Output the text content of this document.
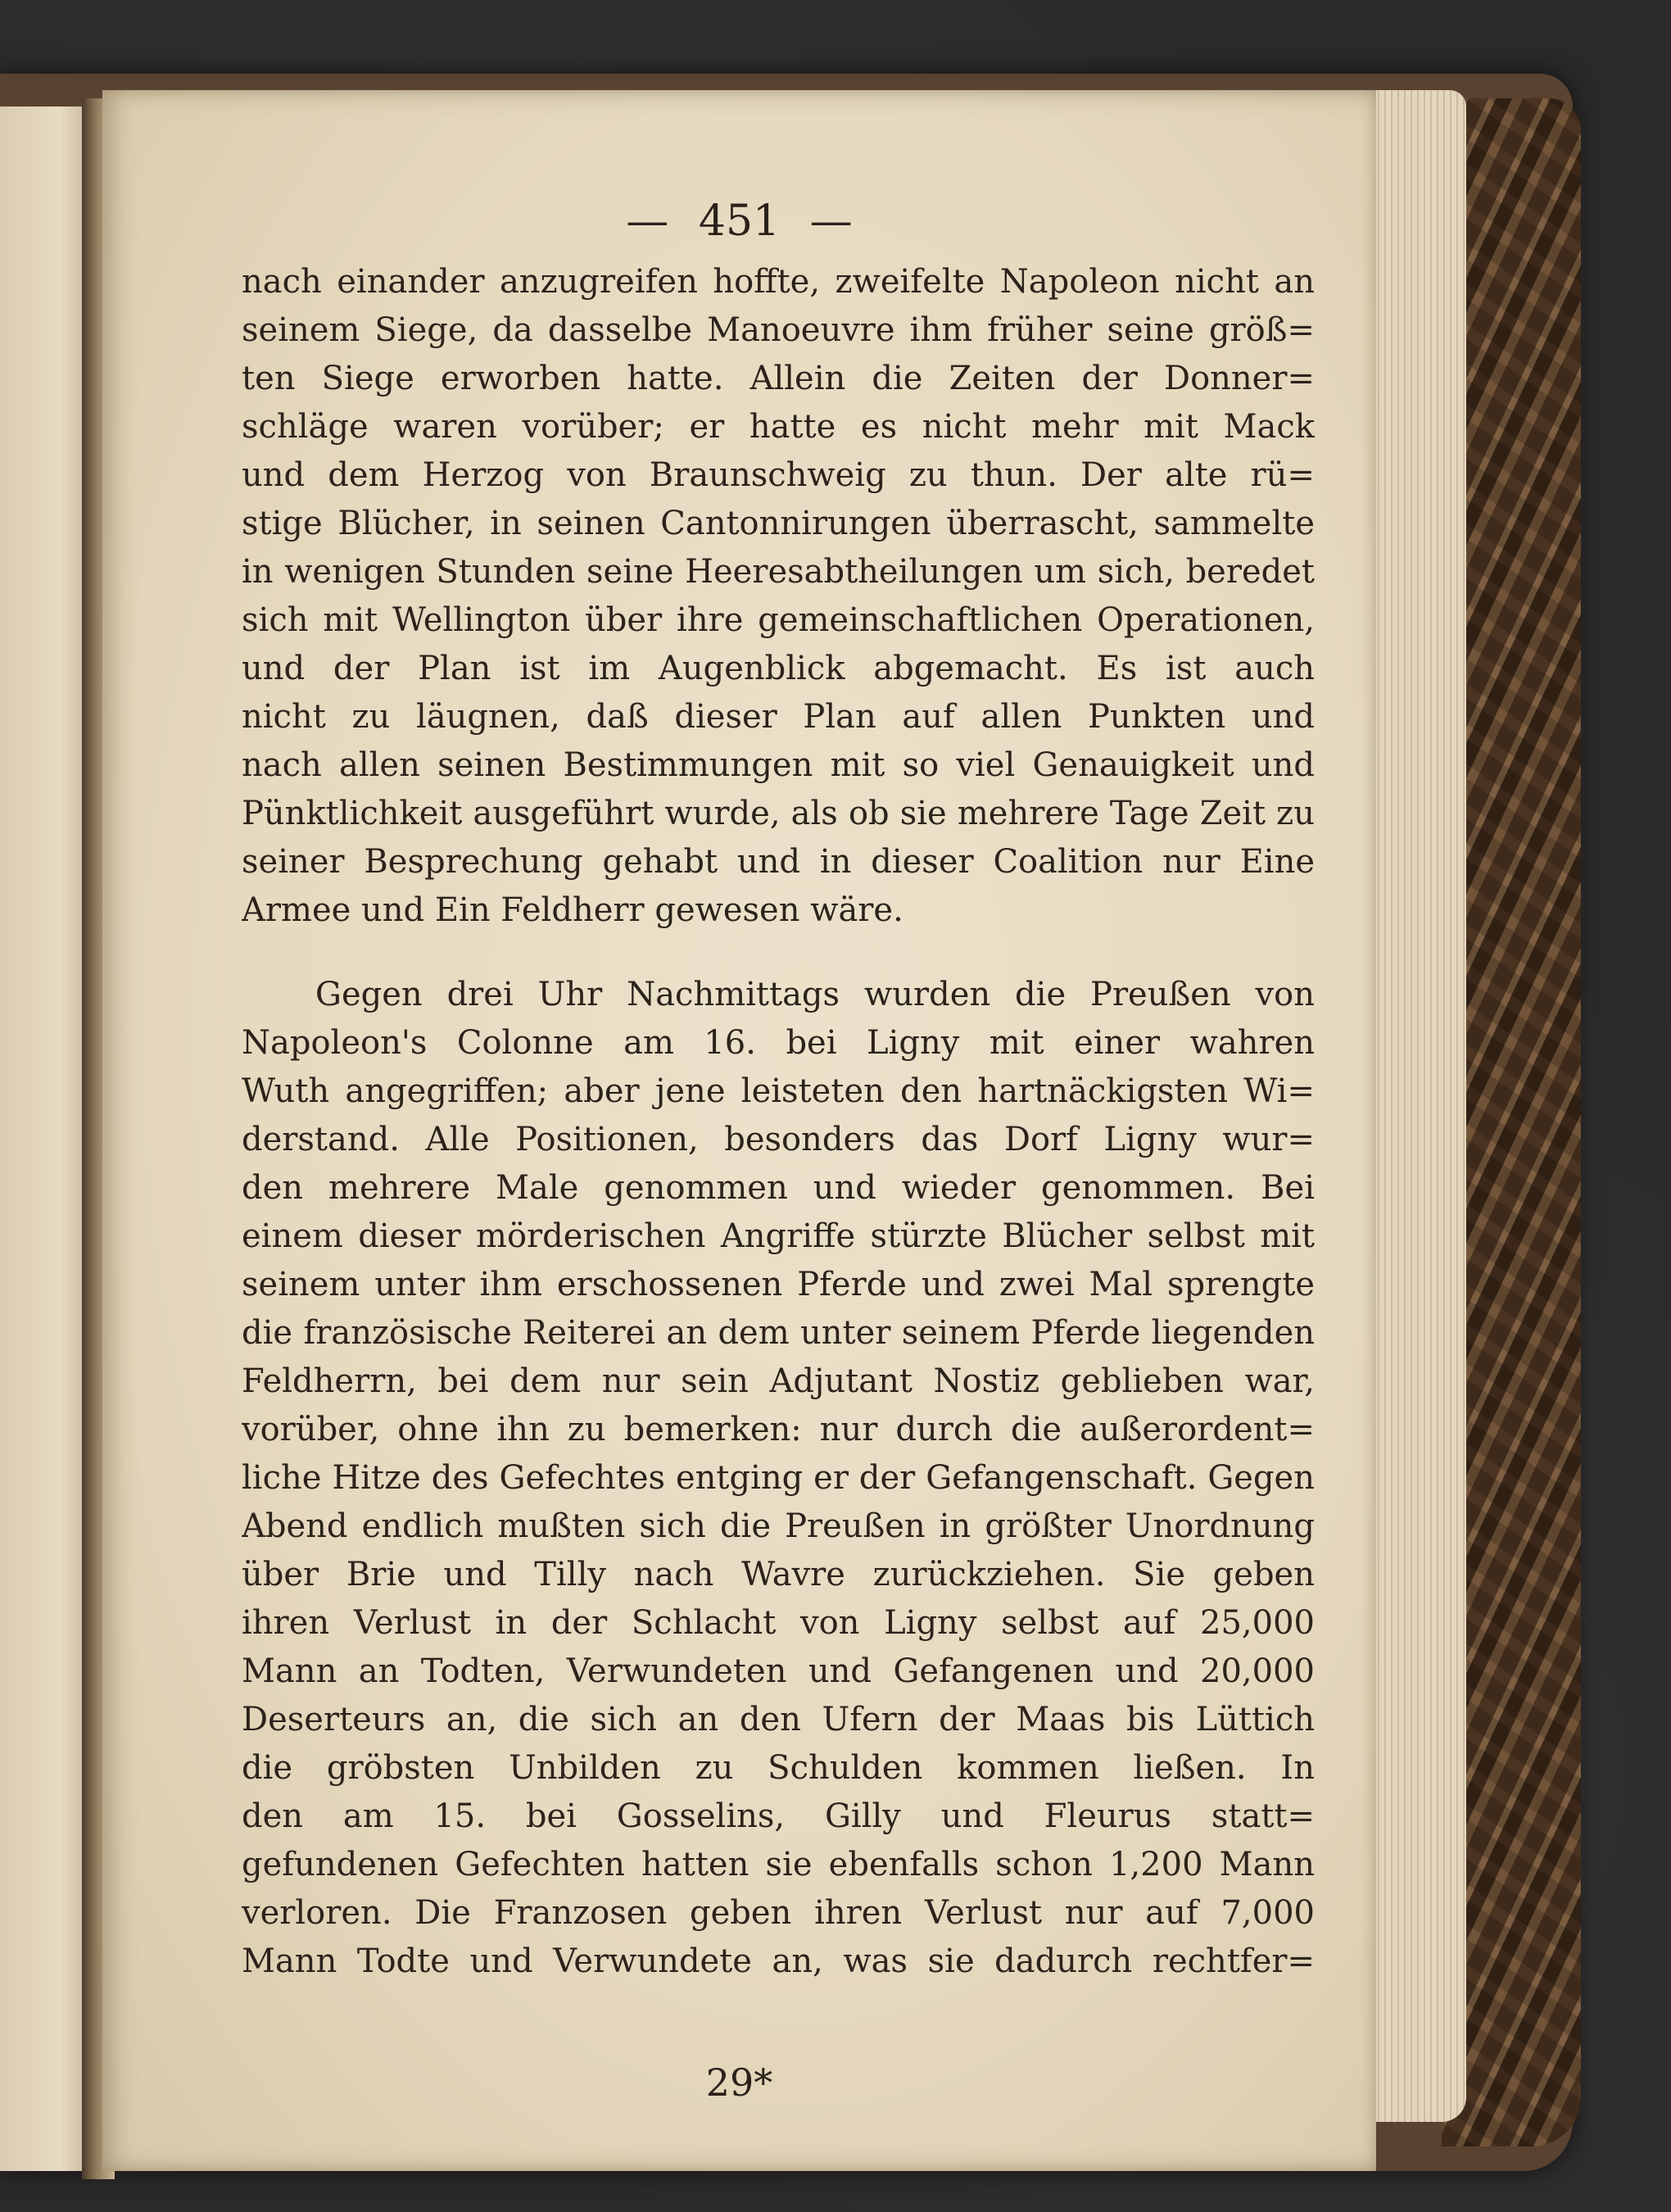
— 451 —
nach einander anzugreifen hoffte, zweifelte Napoleon nicht an
seinem Siege, da dasselbe Manoeuvre ihm früher seine größ=
ten Siege erworben hatte. Allein die Zeiten der Donner=
schläge waren vorüber; er hatte es nicht mehr mit Mack
und dem Herzog von Braunschweig zu thun. Der alte rü=
stige Blücher, in seinen Cantonnirungen überrascht, sammelte
in wenigen Stunden seine Heeresabtheilungen um sich, beredet
sich mit Wellington über ihre gemeinschaftlichen Operationen,
und der Plan ist im Augenblick abgemacht. Es ist auch
nicht zu läugnen, daß dieser Plan auf allen Punkten und
nach allen seinen Bestimmungen mit so viel Genauigkeit und
Pünktlichkeit ausgeführt wurde, als ob sie mehrere Tage Zeit zu
seiner Besprechung gehabt und in dieser Coalition nur Eine
Armee und Ein Feldherr gewesen wäre.
Gegen drei Uhr Nachmittags wurden die Preußen von
Napoleon's Colonne am 16. bei Ligny mit einer wahren
Wuth angegriffen; aber jene leisteten den hartnäckigsten Wi=
derstand. Alle Positionen, besonders das Dorf Ligny wur=
den mehrere Male genommen und wieder genommen. Bei
einem dieser mörderischen Angriffe stürzte Blücher selbst mit
seinem unter ihm erschossenen Pferde und zwei Mal sprengte
die französische Reiterei an dem unter seinem Pferde liegenden
Feldherrn, bei dem nur sein Adjutant Nostiz geblieben war,
vorüber, ohne ihn zu bemerken: nur durch die außerordent=
liche Hitze des Gefechtes entging er der Gefangenschaft. Gegen
Abend endlich mußten sich die Preußen in größter Unordnung
über Brie und Tilly nach Wavre zurückziehen. Sie geben
ihren Verlust in der Schlacht von Ligny selbst auf 25,000
Mann an Todten, Verwundeten und Gefangenen und 20,000
Deserteurs an, die sich an den Ufern der Maas bis Lüttich
die gröbsten Unbilden zu Schulden kommen ließen. In
den am 15. bei Gosselins, Gilly und Fleurus statt=
gefundenen Gefechten hatten sie ebenfalls schon 1,200 Mann
verloren. Die Franzosen geben ihren Verlust nur auf 7,000
Mann Todte und Verwundete an, was sie dadurch rechtfer=
29*
